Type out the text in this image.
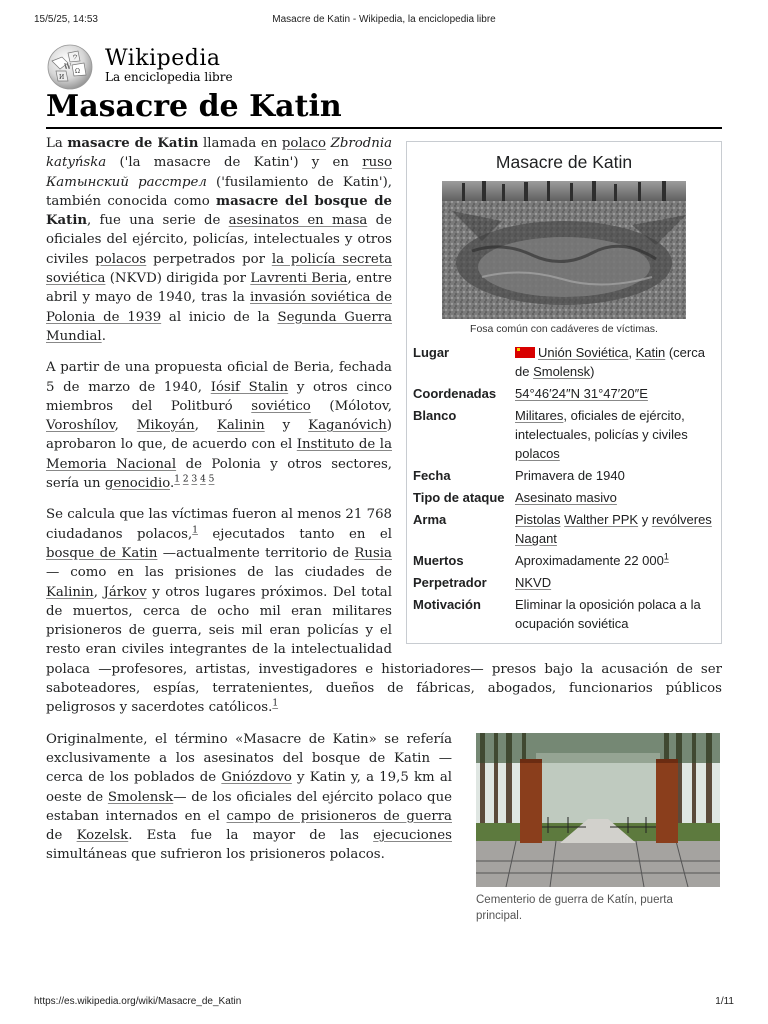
15/5/25, 14:53	Masacre de Katin - Wikipedia, la enciclopedia libre
W
Ω
И
ウ Wikipedia
La enciclopedia libre
Masacre de Katin
Masacre de Katin
Fosa común con cadáveres de víctimas.
Lugar	Unión Soviética, Katin (cerca de Smolensk)
Coordenadas	54°46′24″N 31°47′20″E
Blanco	Militares, oficiales de ejército, intelectuales, policías y civiles polacos
Fecha	Primavera de 1940
Tipo de ataque	Asesinato masivo
Arma	Pistolas Walther PPK y revólveres Nagant
Muertos	Aproximadamente 22 $000^1$
Perpetrador	NKVD
Motivación	Eliminar la oposición polaca a la ocupación soviética

La masacre de Katin llamada en polaco Zbrodnia katyńska ('la masacre de Katin') y en ruso Катынский расстрел ('fusilamiento de Katin'), también conocida como masacre del bosque de Katin, fue una serie de asesinatos en masa de oficiales del ejército, policías, intelectuales y otros civiles polacos perpetrados por la policía secreta soviética (NKVD) dirigida por Lavrenti Beria, entre abril y mayo de 1940, tras la invasión soviética de Polonia de 1939 al inicio de la Segunda Guerra Mundial.

A partir de una propuesta oficial de Beria, fechada 5 de marzo de 1940, Iósif Stalin y otros cinco miembros del Politburó soviético (Mólotov, Voroshílov, Mikoyán, Kalinin y Kaganóvich) aprobaron lo que, de acuerdo con el Instituto de la Memoria Nacional de Polonia y otros sectores, sería un genocidio.$^{1 2 3 4 5}$

Se calcula que las víctimas fueron al menos 21 768 ciudadanos polacos,$^1$ ejecutados tanto en el bosque de Katin —actualmente territorio de Rusia— como en las prisiones de las ciudades de Kalinin, Járkov y otros lugares próximos. Del total de muertos, cerca de ocho mil eran militares prisioneros de guerra, seis mil eran policías y el resto eran civiles integrantes de la intelectualidad polaca —profesores, artistas, investigadores e historiadores— presos bajo la acusación de ser saboteadores, espías, terratenientes, dueños de fábricas, abogados, funcionarios públicos peligrosos y sacerdotes católicos.$^1$

Cementerio de guerra de Katín, puerta principal.

Originalmente, el término «Masacre de Katin» se refería exclusivamente a los asesinatos del bosque de Katin —cerca de los poblados de Gniózdovo y Katin y, a 19,5 km al oeste de Smolensk— de los oficiales del ejército polaco que estaban internados en el campo de prisioneros de guerra de Kozelsk. Esta fue la mayor de las ejecuciones simultáneas que sufrieron los prisioneros polacos.

https://es.wikipedia.org/wiki/Masacre_de_Katin	1/11
